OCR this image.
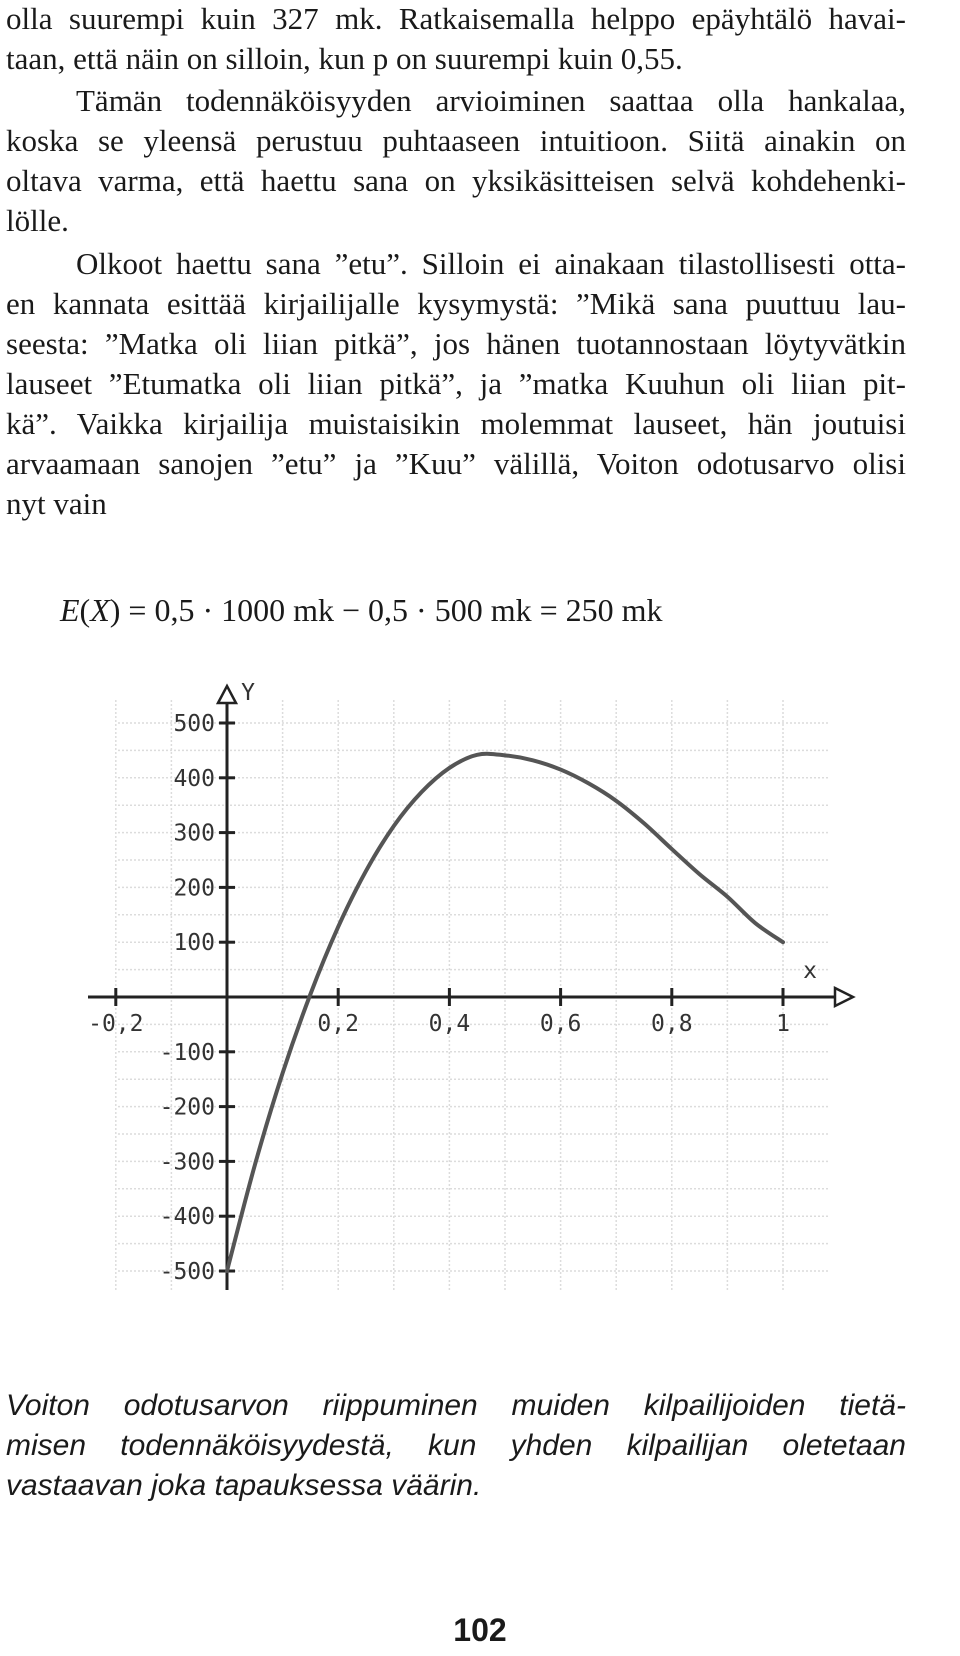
olla suurempi kuin 327 mk. Ratkaisemalla helppo epäyhtälö havai-
taan, että näin on silloin, kun p on suurempi kuin 0,55.
Tämän todennäköisyyden arvioiminen saattaa olla hankalaa,
koska se yleensä perustuu puhtaaseen intuitioon. Siitä ainakin on
oltava varma, että haettu sana on yksikäsitteisen selvä kohdehenki-
lölle.
Olkoot haettu sana ”etu”. Silloin ei ainakaan tilastollisesti otta-
en kannata esittää kirjailijalle kysymystä: ”Mikä sana puuttuu lau-
seesta: ”Matka oli liian pitkä”, jos hänen tuotannostaan löytyvätkin
lauseet ”Etumatka oli liian pitkä”, ja ”matka Kuuhun oli liian pit-
kä”. Vaikka kirjailija muistaisikin molemmat lauseet, hän joutuisi
arvaamaan sanojen ”etu” ja ”Kuu” välillä, Voiton odotusarvo olisi
nyt vain
E(X) = 0,5 · 1000 mk − 0,5 · 500 mk = 250 mk
-0,2	0,2	0,4	0,6	0,8	1
500
400
300
200
100
-100
-200
-300
-400
-500
x
Y
Voiton odotusarvon riippuminen muiden kilpailijoiden tietä-
misen todennäköisyydestä, kun yhden kilpailijan oletetaan
vastaavan joka tapauksessa väärin.
102
